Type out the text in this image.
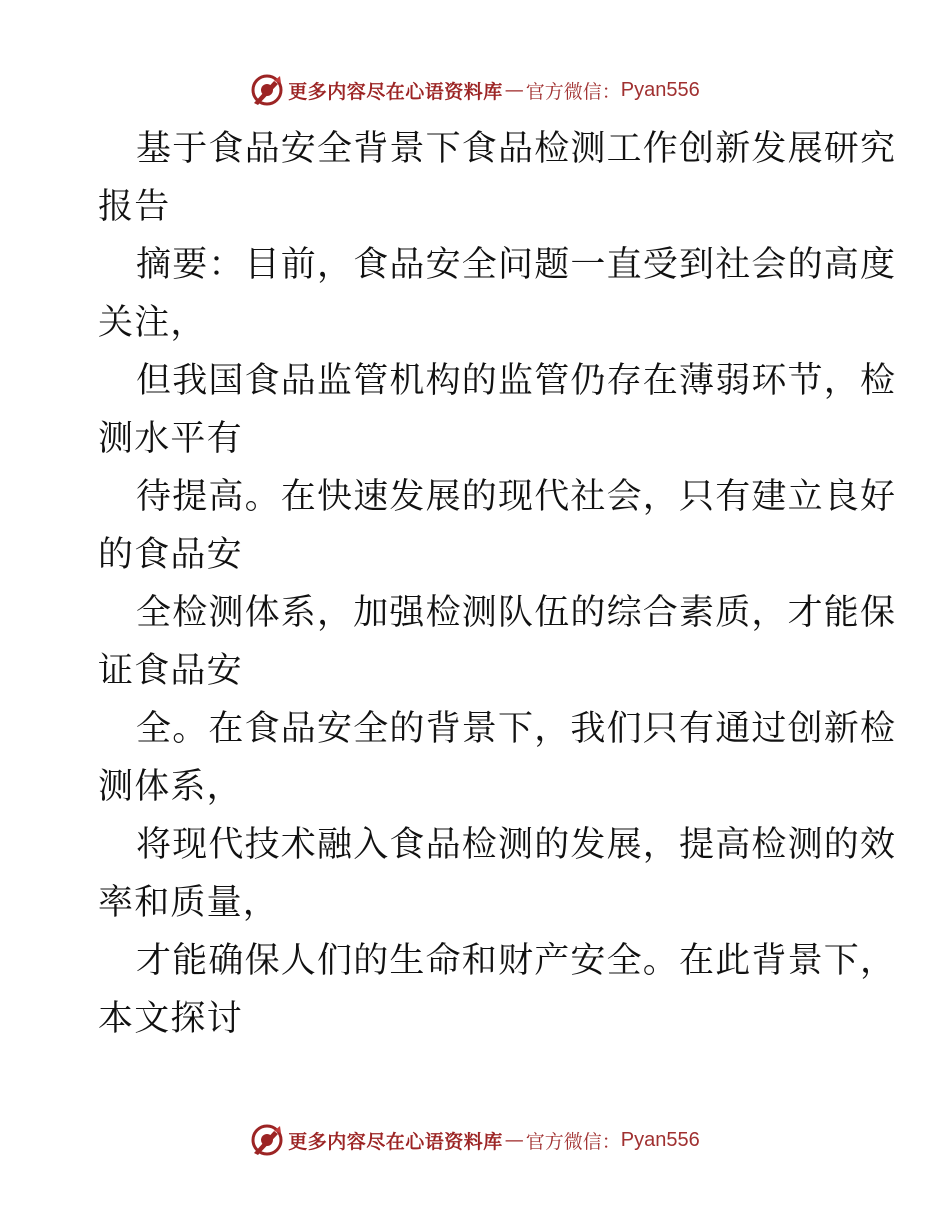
更多内容尽在心语资料库 — 官方微信： Pyan556

基于食品安全背景下食品检测工作创新发展研究
报告

摘要：目前，食品安全问题一直受到社会的高度
关注，

但我国食品监管机构的监管仍存在薄弱环节，检
测水平有

待提高。在快速发展的现代社会，只有建立良好
的食品安

全检测体系，加强检测队伍的综合素质，才能保
证食品安

全。在食品安全的背景下，我们只有通过创新检
测体系，

将现代技术融入食品检测的发展，提高检测的效
率和质量，

才能确保人们的生命和财产安全。在此背景下，
本文探讨

更多内容尽在心语资料库 — 官方微信： Pyan556
